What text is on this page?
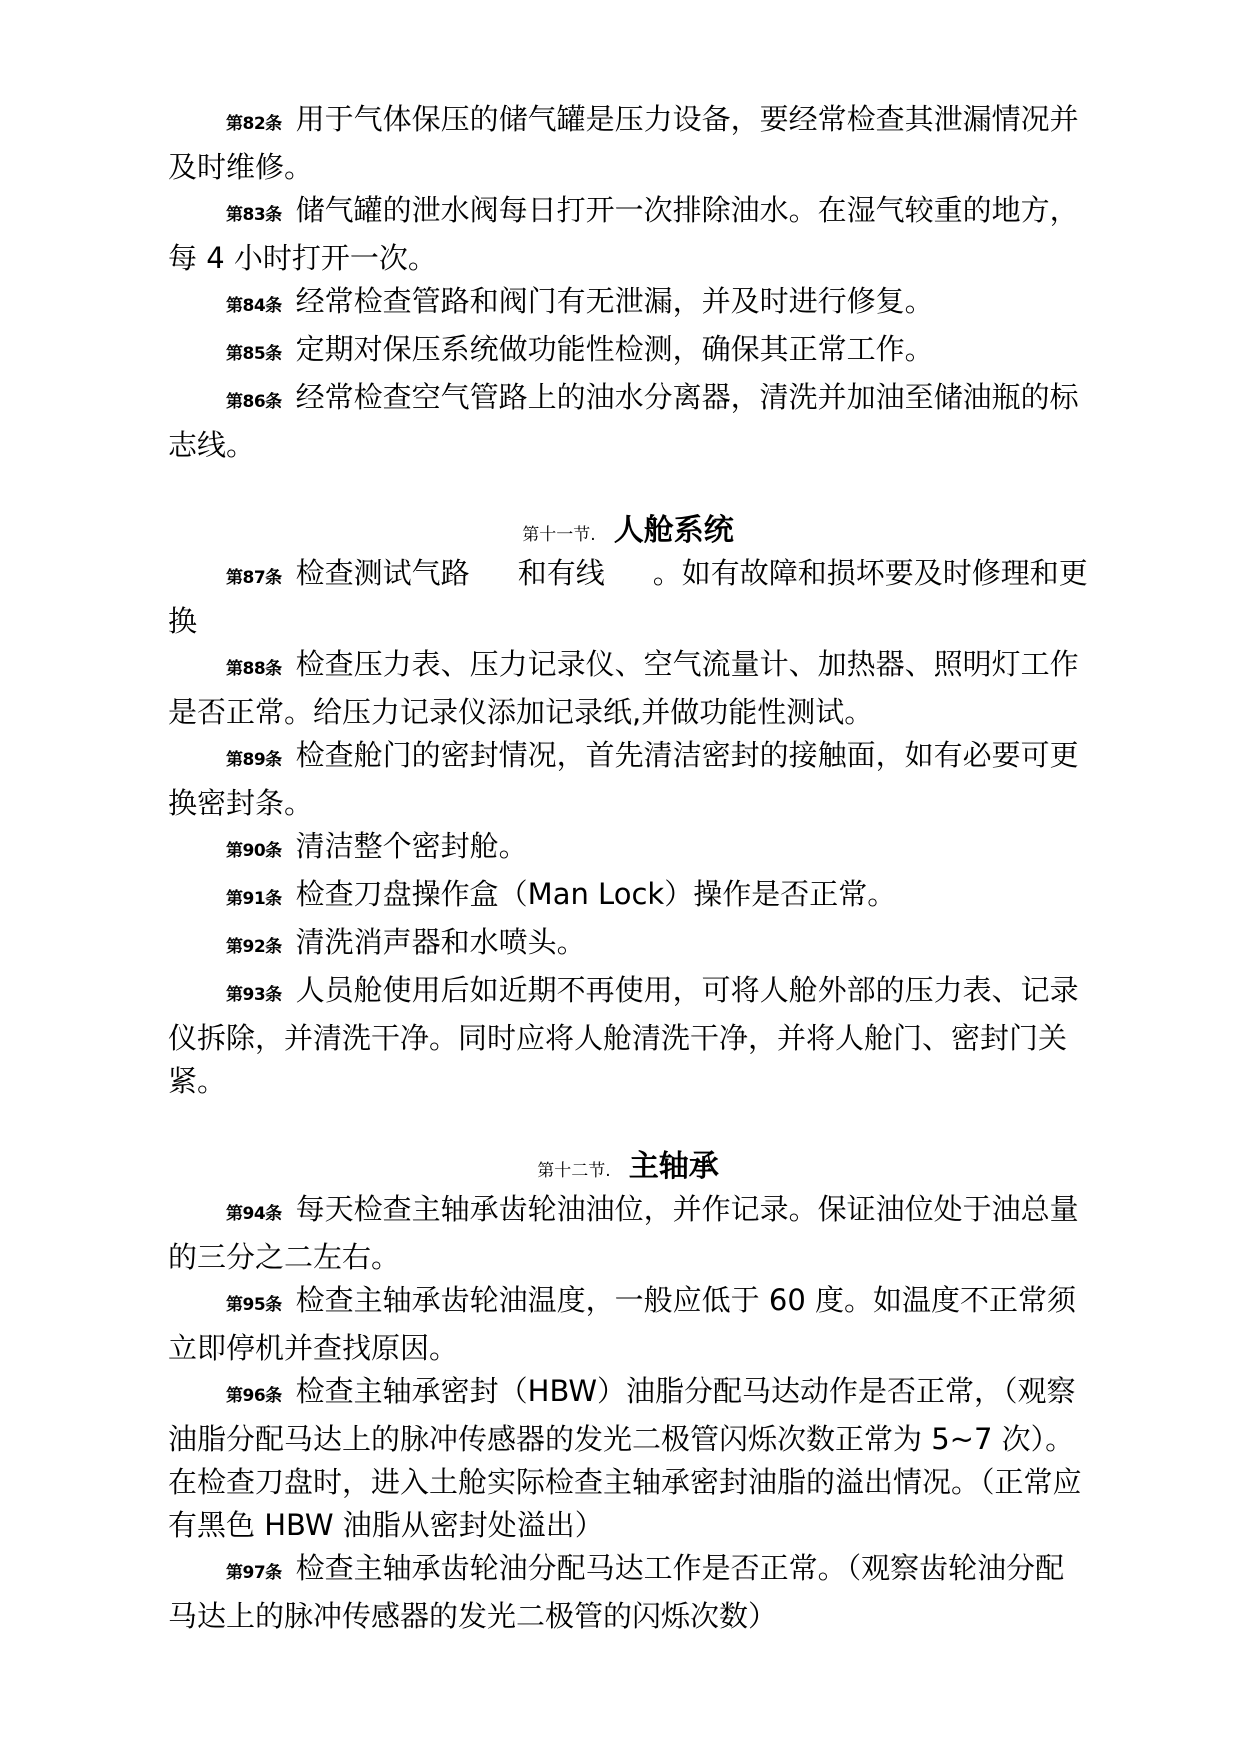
第82条 用于气体保压的储气罐是压力设备，要经常检查其泄漏情况并及时维修。

第83条 储气罐的泄水阀每日打开一次排除油水。在湿气较重的地方，每 4 小时打开一次。

第84条 经常检查管路和阀门有无泄漏，并及时进行修复。

第85条 定期对保压系统做功能性检测，确保其正常工作。

第86条 经常检查空气管路上的油水分离器，清洗并加油至储油瓶的标志线。

第十一节. 人舱系统

第87条 检查测试气路 和有线 。如有故障和损坏要及时修理和更换

第88条 检查压力表、压力记录仪、空气流量计、加热器、照明灯工作是否正常。给压力记录仪添加记录纸,并做功能性测试。

第89条 检查舱门的密封情况，首先清洁密封的接触面，如有必要可更换密封条。

第90条 清洁整个密封舱。

第91条 检查刀盘操作盒（Man Lock）操作是否正常。

第92条 清洗消声器和水喷头。

第93条 人员舱使用后如近期不再使用，可将人舱外部的压力表、记录仪拆除，并清洗干净。同时应将人舱清洗干净，并将人舱门、密封门关紧。

第十二节. 主轴承

第94条 每天检查主轴承齿轮油油位，并作记录。保证油位处于油总量的三分之二左右。

第95条 检查主轴承齿轮油温度，一般应低于 60 度。如温度不正常须立即停机并查找原因。

第96条 检查主轴承密封（HBW）油脂分配马达动作是否正常，（观察油脂分配马达上的脉冲传感器的发光二极管闪烁次数正常为 5~7 次）。在检查刀盘时，进入土舱实际检查主轴承密封油脂的溢出情况。（正常应有黑色 HBW 油脂从密封处溢出）

第97条 检查主轴承齿轮油分配马达工作是否正常。（观察齿轮油分配马达上的脉冲传感器的发光二极管的闪烁次数）
